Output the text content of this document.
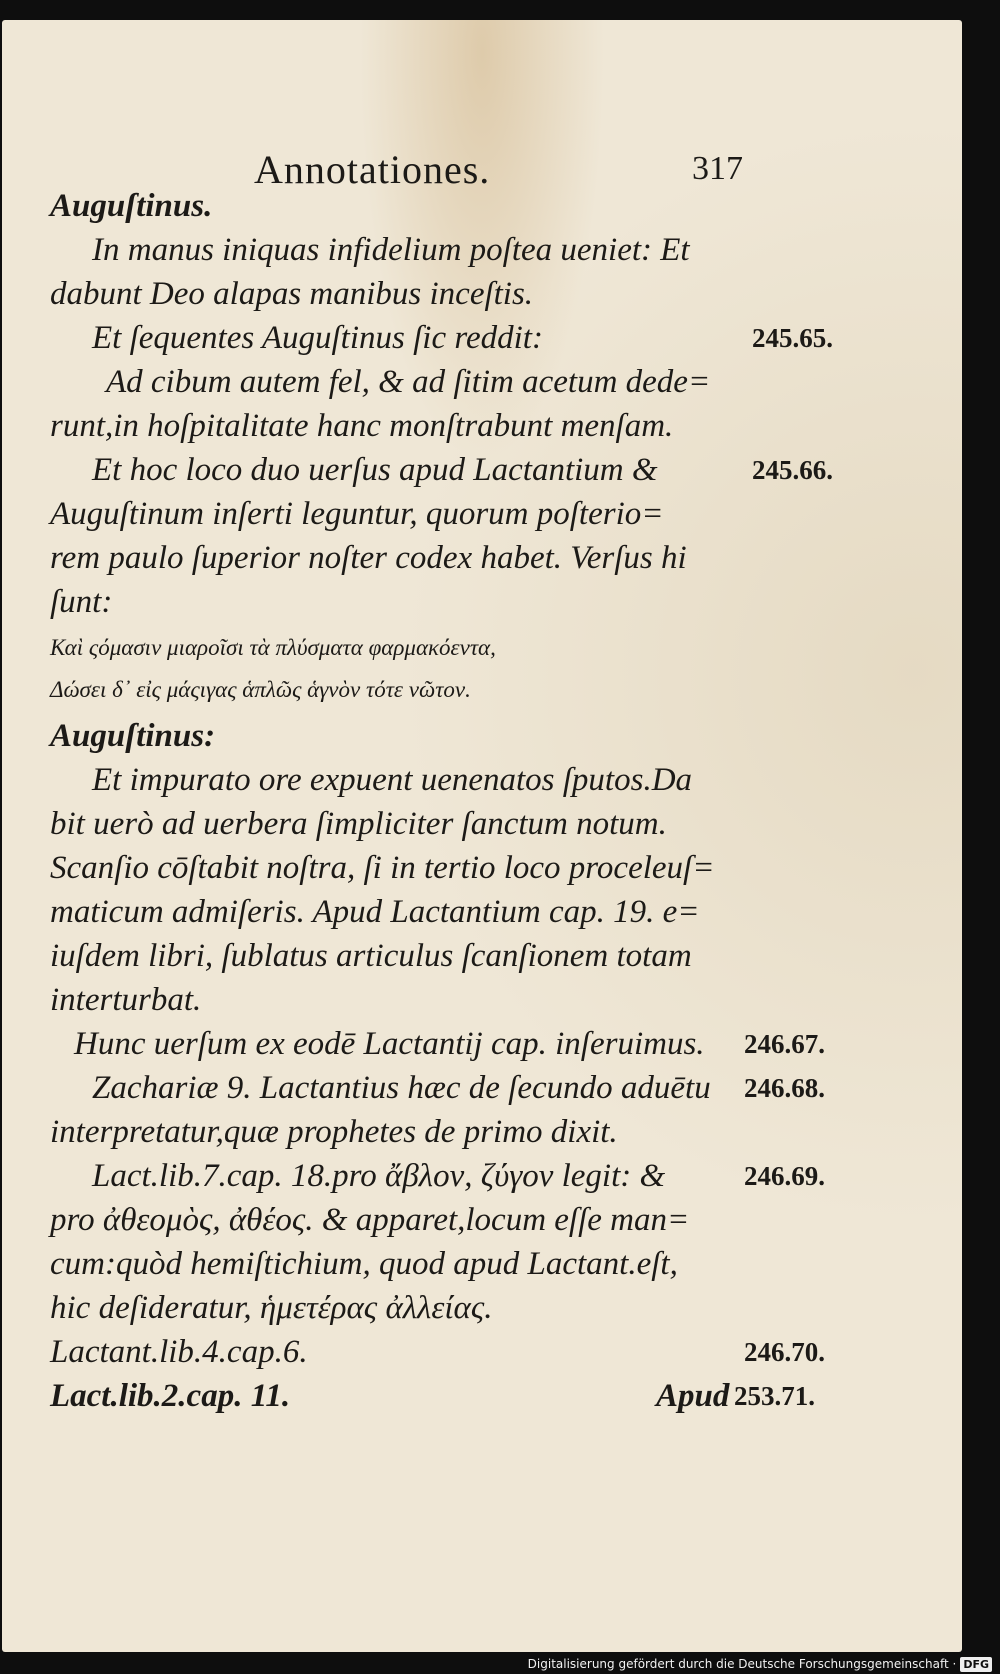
Annotationes.	317
Auguſtinus.
In manus iniquas infidelium poſtea ueniet: Et
dabunt Deo alapas manibus inceſtis.
Et ſequentes Auguſtinus ſic reddit:
Ad cibum autem fel, & ad ſitim acetum dede=
runt,in hoſpitalitate hanc monſtrabunt menſam.
Et hoc loco duo uerſus apud Lactantium &
Auguſtinum inſerti leguntur, quorum poſterio=
rem paulo ſuperior noſter codex habet. Verſus hi
ſunt:
Καὶ ςόμασιν μιαροῖσι τὰ πλύσματα φαρμακόεντα,
Δώσει δ᾽ εἰς μάςιγας ἁπλῶς ἁγνὸν τότε νῶτον.
Auguſtinus:
Et impurato ore expuent uenenatos ſputos.Da
bit uerò ad uerbera ſimpliciter ſanctum notum.
Scanſio cōſtabit noſtra, ſi in tertio loco proceleuſ=
maticum admiſeris. Apud Lactantium cap. 19. e=
iuſdem libri, ſublatus articulus ſcanſionem totam
interturbat.
Hunc uerſum ex eodē Lactantij cap. inſeruimus.
Zachariæ 9. Lactantius hæc de ſecundo aduētu
interpretatur,quæ prophetes de primo dixit.
Lact.lib.7.cap. 18.pro ἄβλον, ζύγον legit: &
pro ἀθεομὸς, ἀθέος. & apparet,locum eſſe man=
cum:quòd hemiſtichium, quod apud Lactant.eſt,
hic deſideratur, ἡμετέρας ἀλλείας.
Lactant.lib.4.cap.6.
Lact.lib.2.cap. 11.	Apud
245.65.
245.66.
246.67.
246.68.
246.69.
246.70.
253.71.
Digitalisierung gefördert durch die Deutsche Forschungsgemeinschaft · DFG
